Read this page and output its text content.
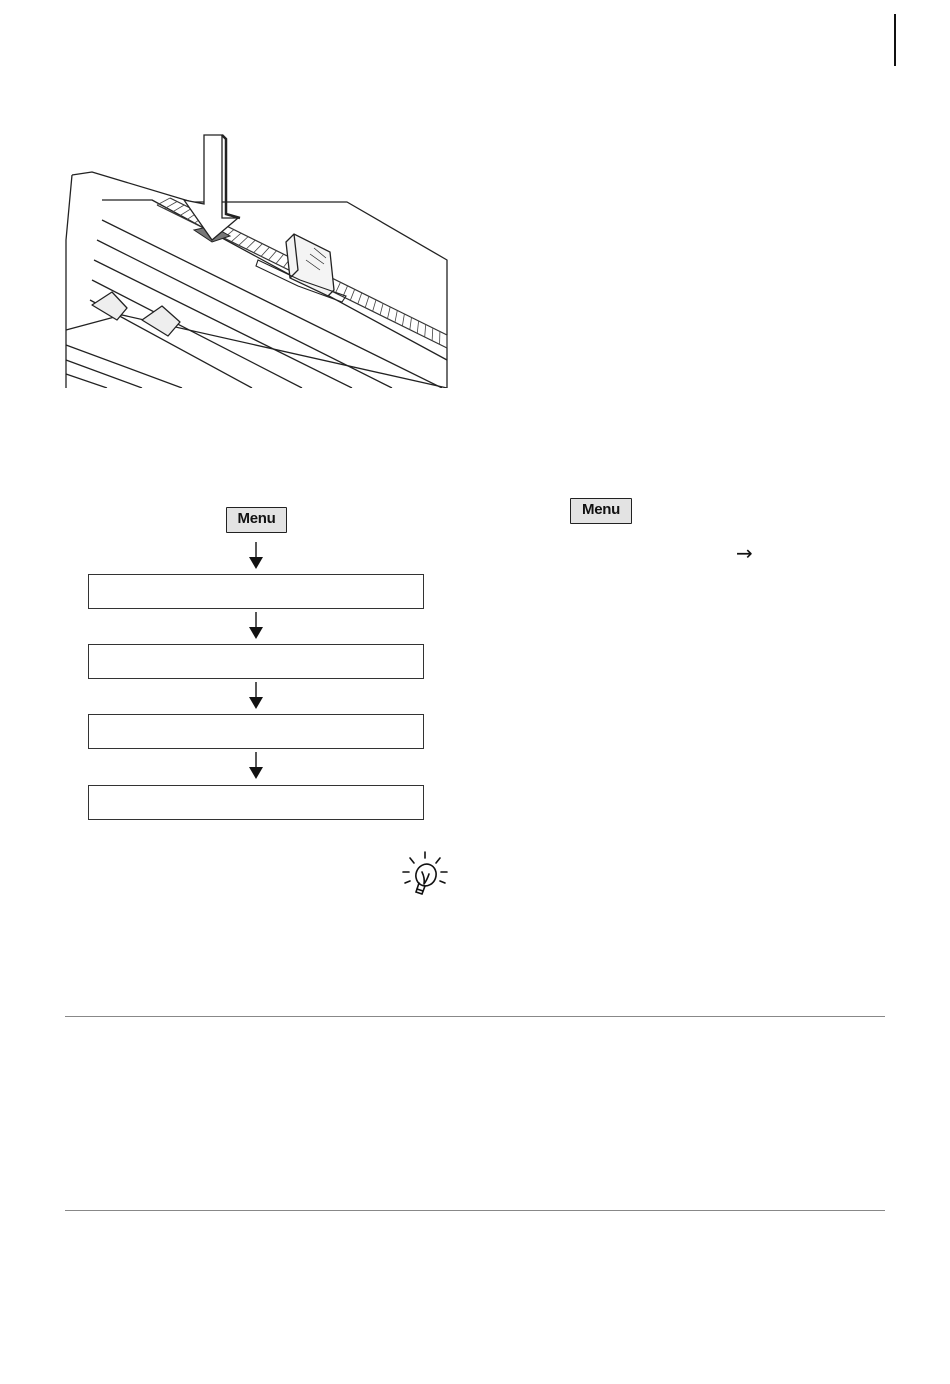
Menu
Menu
→
